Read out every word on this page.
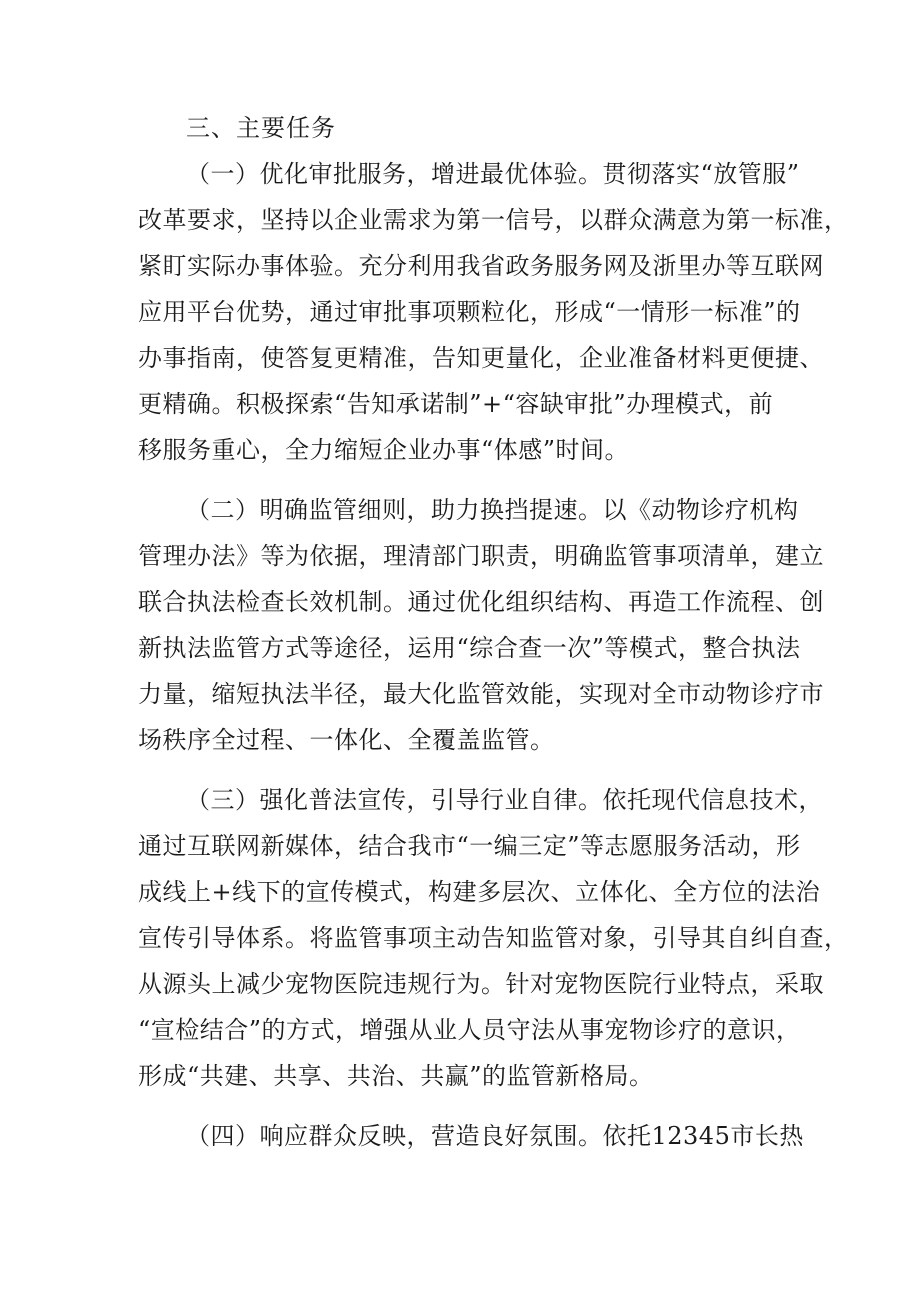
三、主要任务
（一）优化审批服务，增进最优体验。贯彻落实“放管服”
改革要求，坚持以企业需求为第一信号，以群众满意为第一标准，
紧盯实际办事体验。充分利用我省政务服务网及浙里办等互联网
应用平台优势，通过审批事项颗粒化，形成“一情形一标准”的
办事指南，使答复更精准，告知更量化，企业准备材料更便捷、
更精确。积极探索“告知承诺制”+“容缺审批”办理模式，前
移服务重心，全力缩短企业办事“体感”时间。
（二）明确监管细则，助力换挡提速。以《动物诊疗机构
管理办法》等为依据，理清部门职责，明确监管事项清单，建立
联合执法检查长效机制。通过优化组织结构、再造工作流程、创
新执法监管方式等途径，运用“综合查一次”等模式，整合执法
力量，缩短执法半径，最大化监管效能，实现对全市动物诊疗市
场秩序全过程、一体化、全覆盖监管。
（三）强化普法宣传，引导行业自律。依托现代信息技术，
通过互联网新媒体，结合我市“一编三定”等志愿服务活动，形
成线上+线下的宣传模式，构建多层次、立体化、全方位的法治
宣传引导体系。将监管事项主动告知监管对象，引导其自纠自查，
从源头上减少宠物医院违规行为。针对宠物医院行业特点，采取
“宣检结合”的方式，增强从业人员守法从事宠物诊疗的意识，
形成“共建、共享、共治、共赢”的监管新格局。
（四）响应群众反映，营造良好氛围。依托12345市长热
